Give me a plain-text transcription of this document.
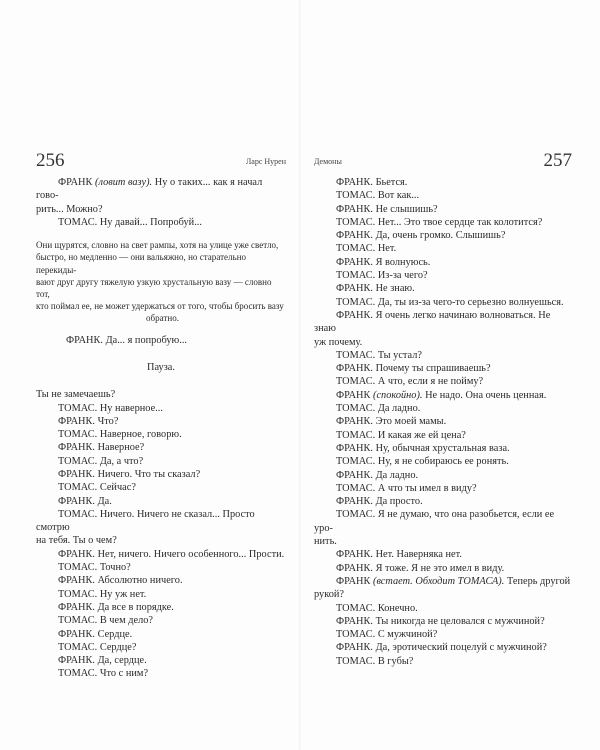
256	Ларс Нурен

ФРАНК (ловит вазу). Ну о таких... как я начал гово-

рить... Можно?

ТОМАС. Ну давай... Попробуй...

Они щурятся, словно на свет рампы, хотя на улице уже светло,

быстро, но медленно — они вальяжно, но старательно перекиды-

вают друг другу тяжелую узкую хрустальную вазу — словно тот,

кто поймал ее, не может удержаться от того, чтобы бросить вазу

обратно.

ФРАНК. Да... я попробую...

Пауза.

Ты не замечаешь?

ТОМАС. Ну наверное...

ФРАНК. Что?

ТОМАС. Наверное, говорю.

ФРАНК. Наверное?

ТОМАС. Да, а что?

ФРАНК. Ничего. Что ты сказал?

ТОМАС. Сейчас?

ФРАНК. Да.

ТОМАС. Ничего. Ничего не сказал... Просто смотрю

на тебя. Ты о чем?

ФРАНК. Нет, ничего. Ничего особенного... Прости.

ТОМАС. Точно?

ФРАНК. Абсолютно ничего.

ТОМАС. Ну уж нет.

ФРАНК. Да все в порядке.

ТОМАС. В чем дело?

ФРАНК. Сердце.

ТОМАС. Сердце?

ФРАНК. Да, сердце.

ТОМАС. Что с ним?

Демоны	257

ФРАНК. Бьется.

ТОМАС. Вот как...

ФРАНК. Не слышишь?

ТОМАС. Нет... Это твое сердце так колотится?

ФРАНК. Да, очень громко. Слышишь?

ТОМАС. Нет.

ФРАНК. Я волнуюсь.

ТОМАС. Из-за чего?

ФРАНК. Не знаю.

ТОМАС. Да, ты из-за чего-то серьезно волнуешься.

ФРАНК. Я очень легко начинаю волноваться. Не знаю

уж почему.

ТОМАС. Ты устал?

ФРАНК. Почему ты спрашиваешь?

ТОМАС. А что, если я не пойму?

ФРАНК (спокойно). Не надо. Она очень ценная.

ТОМАС. Да ладно.

ФРАНК. Это моей мамы.

ТОМАС. И какая же ей цена?

ФРАНК. Ну, обычная хрустальная ваза.

ТОМАС. Ну, я не собираюсь ее ронять.

ФРАНК. Да ладно.

ТОМАС. А что ты имел в виду?

ФРАНК. Да просто.

ТОМАС. Я не думаю, что она разобьется, если ее уро-

нить.

ФРАНК. Нет. Наверняка нет.

ФРАНК. Я тоже. Я не это имел в виду.

ФРАНК (встает. Обходит ТОМАСА). Теперь другой

рукой?

ТОМАС. Конечно.

ФРАНК. Ты никогда не целовался с мужчиной?

ТОМАС. С мужчиной?

ФРАНК. Да, эротический поцелуй с мужчиной?

ТОМАС. В губы?
